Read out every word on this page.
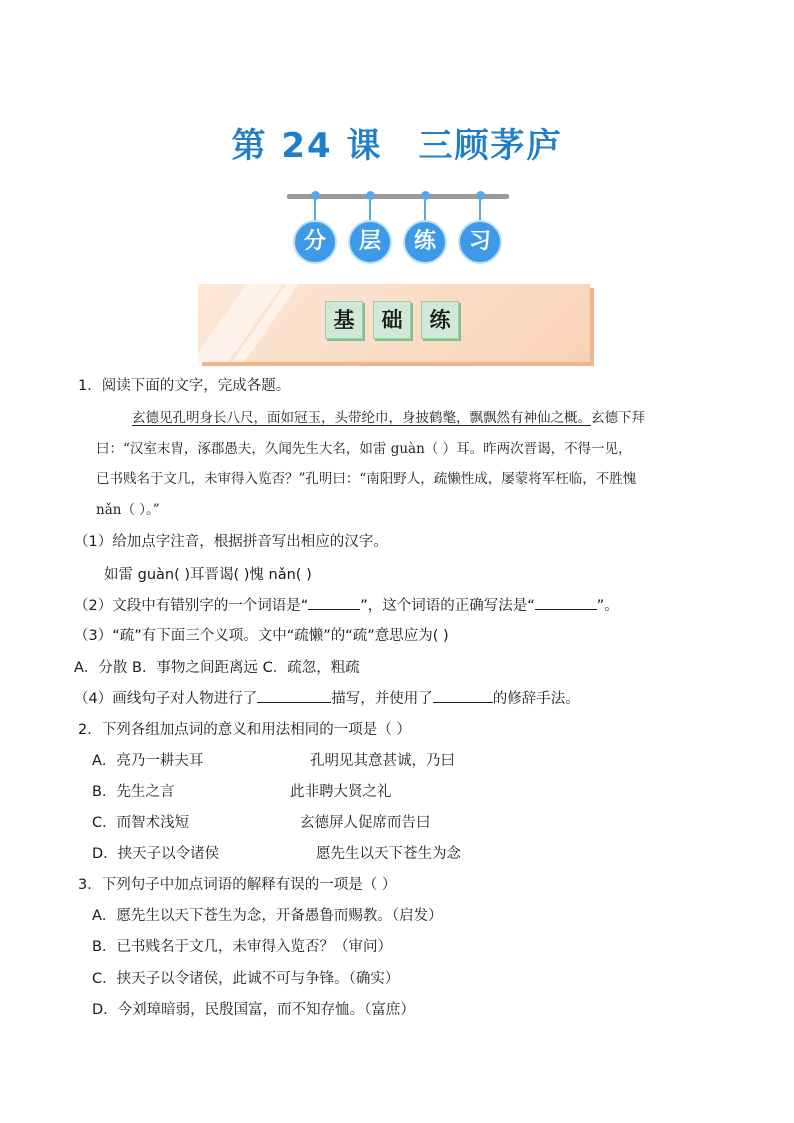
第 24 课 三顾茅庐
分	层	练	习
基	础	练
1．阅读下面的文字，完成各题。
玄德见孔明身长八尺，面如冠玉，头带纶巾，身披鹤氅，飘飘然有神仙之概。玄德下拜
曰：“汉室末胄，涿郡愚夫，久闻先生大名，如雷 guàn（ ）耳。昨两次晋谒，不得一见，
已书贱名于文几，未审得入览否？”孔明曰：“南阳野人，疏懒性成，屡蒙将军枉临，不胜愧
nǎn（ ）。”
（1）给加点字注音，根据拼音写出相应的汉字。
如雷 guàn( )耳晋谒( )愧 nǎn( )
（2）文段中有错别字的一个词语是“	”，这个词语的正确写法是“	”。
（3）“疏”有下面三个义项。文中“疏懒”的“疏”意思应为( )
A．分散 B．事物之间距离远 C．疏忽，粗疏
（4）画线句子对人物进行了	描写，并使用了	的修辞手法。
2．下列各组加点词的意义和用法相同的一项是（ ）
A．亮乃一耕夫耳	孔明见其意甚诚，乃曰
B．先生之言	此非聘大贤之礼
C．而智术浅短	玄德屏人促席而告曰
D．挟天子以令诸侯	愿先生以天下苍生为念
3．下列句子中加点词语的解释有误的一项是（ ）
A．愿先生以天下苍生为念，开备愚鲁而赐教。（启发）
B．已书贱名于文几，未审得入览否？（审问）
C．挟天子以令诸侯，此诚不可与争锋。（确实）
D．今刘璋暗弱，民殷国富，而不知存恤。（富庶）
